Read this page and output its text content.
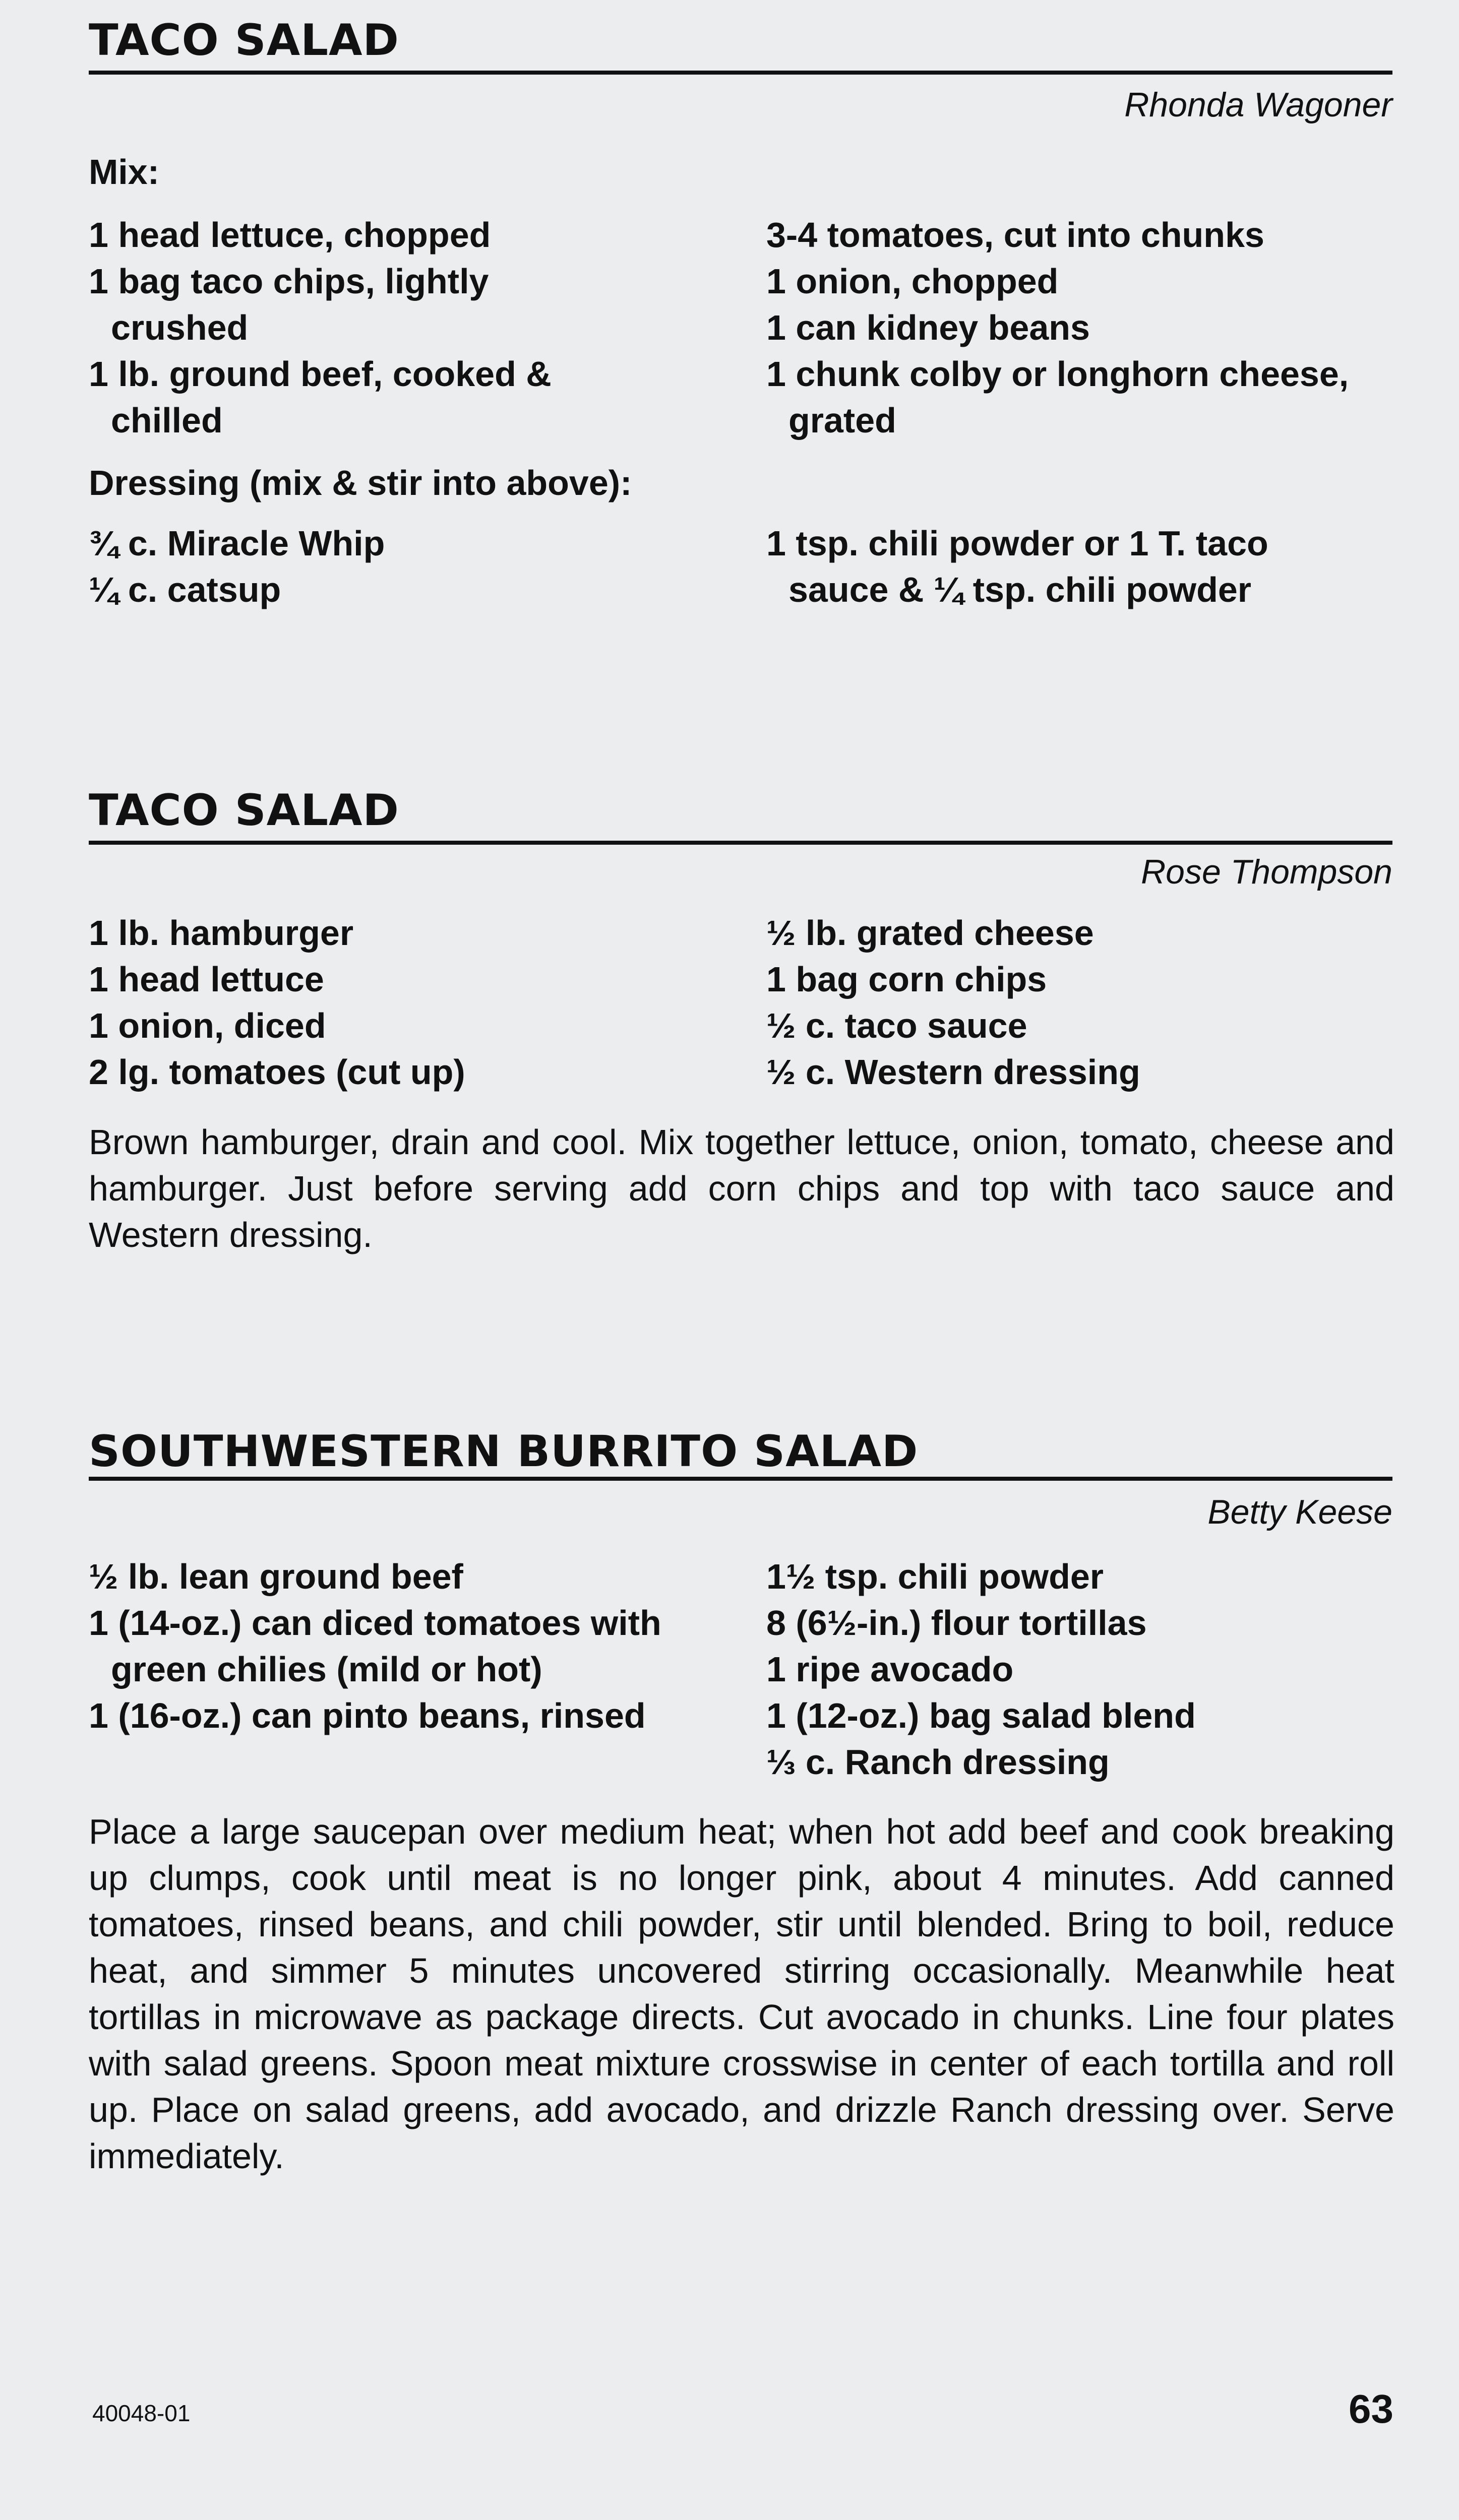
TACO SALAD
Rhonda Wagoner
Mix:
1 head lettuce, chopped
1 bag taco chips, lightly crushed
1 lb. ground beef, cooked & chilled
3-4 tomatoes, cut into chunks
1 onion, chopped
1 can kidney beans
1 chunk colby or longhorn cheese, grated
Dressing (mix & stir into above):
¾ c. Miracle Whip
¼ c. catsup
1 tsp. chili powder or 1 T. taco sauce & ¼ tsp. chili powder
TACO SALAD
Rose Thompson
1 lb. hamburger
1 head lettuce
1 onion, diced
2 lg. tomatoes (cut up)
½ lb. grated cheese
1 bag corn chips
½ c. taco sauce
½ c. Western dressing

Brown hamburger, drain and cool. Mix together lettuce, onion, tomato, cheese and hamburger. Just before serving add corn chips and top with taco sauce and Western dressing.

SOUTHWESTERN BURRITO SALAD
Betty Keese
½ lb. lean ground beef
1 (14-oz.) can diced tomatoes with green chilies (mild or hot)
1 (16-oz.) can pinto beans, rinsed
1½ tsp. chili powder
8 (6½-in.) flour tortillas
1 ripe avocado
1 (12-oz.) bag salad blend
⅓ c. Ranch dressing

Place a large saucepan over medium heat; when hot add beef and cook breaking up clumps, cook until meat is no longer pink, about 4 minutes. Add canned tomatoes, rinsed beans, and chili powder, stir until blended. Bring to boil, reduce heat, and simmer 5 minutes uncovered stirring occasionally. Meanwhile heat tortillas in microwave as package directs. Cut avocado in chunks. Line four plates with salad greens. Spoon meat mixture crosswise in center of each tortilla and roll up. Place on salad greens, add avocado, and drizzle Ranch dressing over. Serve immediately.

40048-01	63
